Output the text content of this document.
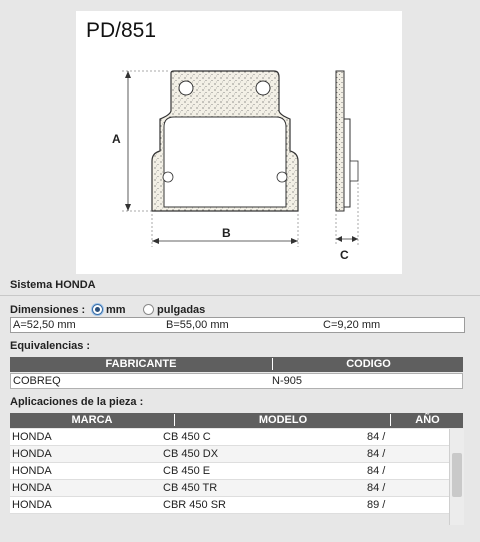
A
B
C
PD/851
Sistema HONDA
Dimensiones : mm	pulgadas
A=52,50 mm	B=55,00 mm	C=9,20 mm
Equivalencias :
FABRICANTE	CODIGO
COBREQ	N-905
Aplicaciones de la pieza :
MARCA	MODELO	AÑO
HONDA	CB 450 C	84 /
HONDA	CB 450 DX	84 /
HONDA	CB 450 E	84 /
HONDA	CB 450 TR	84 /
HONDA	CBR 450 SR	89 /
